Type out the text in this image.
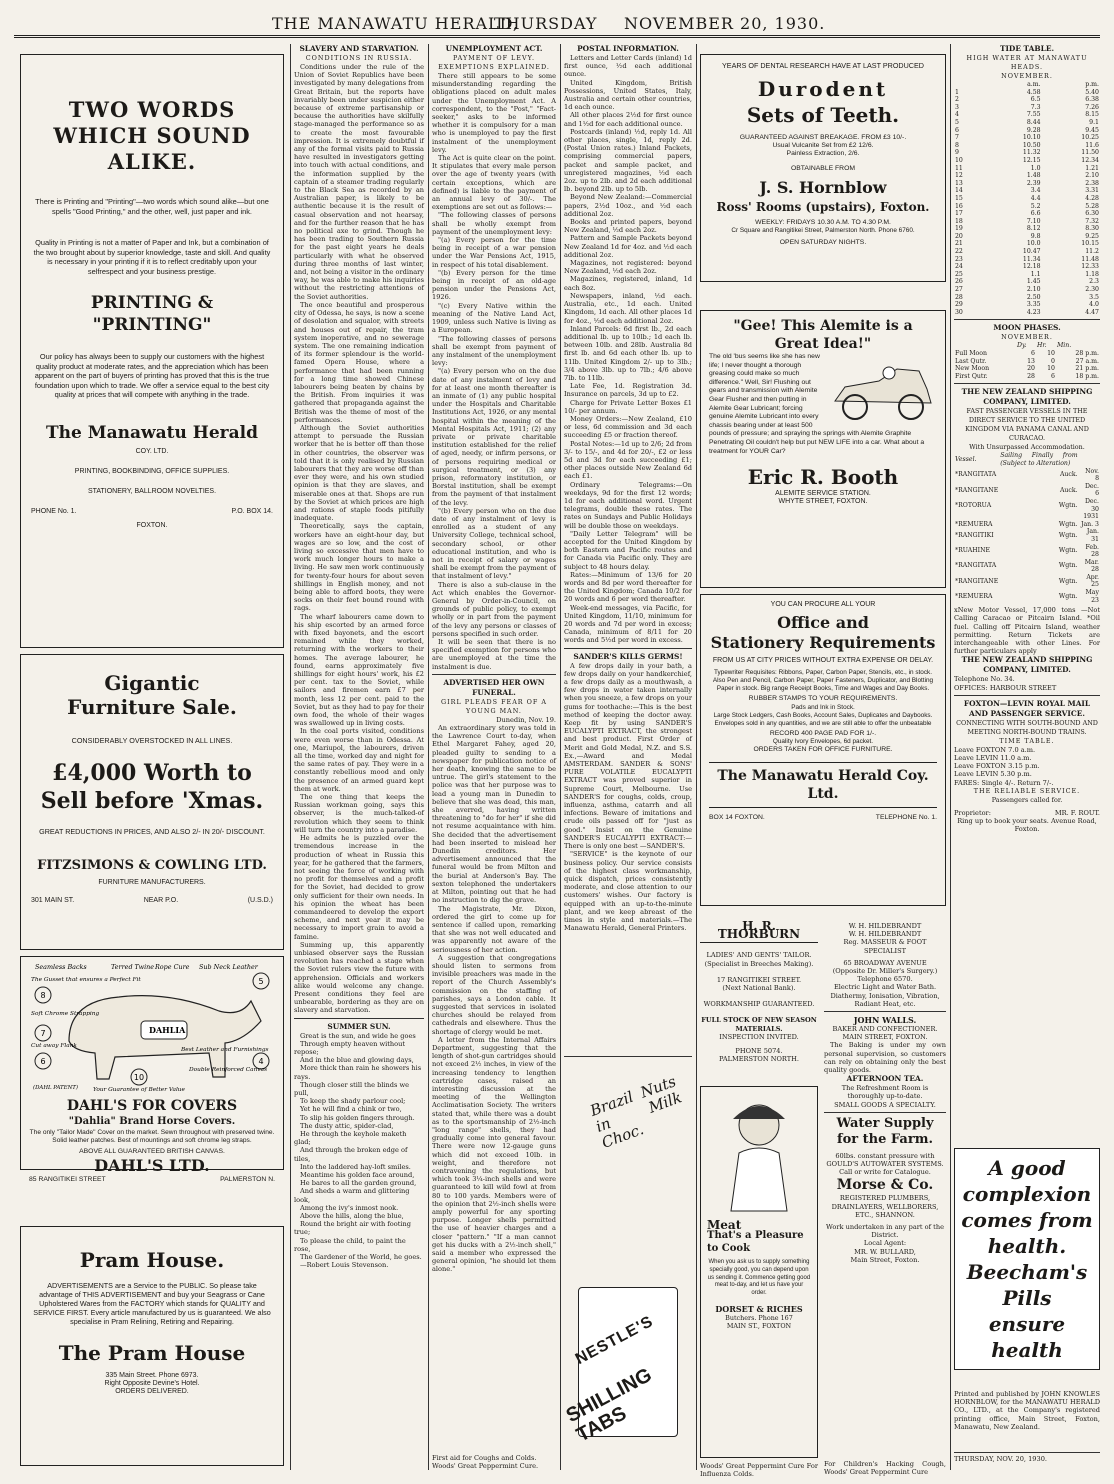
THE MANAWATU HERALD,
THURSDAY NOVEMBER 20, 1930.
TWO WORDS WHICH SOUND ALIKE.
There is Printing and "Printing"—two words which sound alike—but one spells "Good Printing," and the other, well, just paper and ink.
Quality in Printing is not a matter of Paper and Ink, but a combination of the two brought about by superior knowledge, taste and skill. And quality is necessary in your printing if it is to reflect creditably upon your selfrespect and your business prestige.
PRINTING & "PRINTING"
Our policy has always been to supply our customers with the highest quality product at moderate rates, and the appreciation which has been apparent on the part of buyers of printing has proved that this is the true foundation upon which to trade. We offer a service equal to the best city quality at prices that will compete with anything in the trade.
The Manawatu Herald
COY. LTD.
PRINTING, BOOKBINDING, OFFICE SUPPLIES.
STATIONERY, BALLROOM NOVELTIES.
PHONE No. 1.	P.O. BOX 14.
FOXTON.
Gigantic
Furniture Sale.
CONSIDERABLY OVERSTOCKED IN ALL LINES.
£4,000 Worth to Sell before 'Xmas.
GREAT REDUCTIONS IN PRICES, AND ALSO 2/- IN 20/- DISCOUNT.
FITZSIMONS & COWLING LTD.
FURNITURE MANUFACTURERS.
301 MAIN ST.	NEAR P.O.	(U.S.D.)
8
5
7
4
6
10
Seamless Backs	Terred Twine Rope Cure Sub Neck Leather
The Gusset that ensures a Perfect Fit
Soft Chrome Strapping
Cut away Flank
DAHLIA
Best Leather and Furnishings
Double Reinforced Canvas
Your Guarantee of Better Value
(DAHL PATENT)
DAHL'S FOR COVERS
"Dahlia" Brand Horse Covers.
The only "Tailor Made" Cover on the market. Sewn throughout with preserved twine. Solid leather patches. Best of mountings and soft chrome leg straps.
ABOVE ALL GUARANTEED BRITISH CANVAS.
DAHL'S LTD.
85 RANGITIKEI STREET	PALMERSTON N.
Pram House.
ADVERTISEMENTS are a Service to the PUBLIC. So please take advantage of THIS ADVERTISEMENT and buy your Seagrass or Cane Upholstered Wares from the FACTORY which stands for QUALITY and SERVICE FIRST. Every article manufactured by us is guaranteed. We also specialise in Pram Relining, Retiring and Repairing.
The Pram House
335 Main Street. Phone 6973.
Right Opposite Devine's Hotel.
ORDERS DELIVERED.
SLAVERY AND STARVATION.
CONDITIONS IN RUSSIA.
Conditions under the rule of the Union of Soviet Republics have been investigated by many delegations from Great Britain, but the reports have invariably been under suspicion either because of extreme partisanship or because the authorities have skilfully stage-managed the performance so as to create the most favourable impression. It is extremely doubtful if any of the formal visits paid to Russia have resulted in investigators getting into touch with actual conditions, and the information supplied by the captain of a steamer trading regularly to the Black Sea as recorded by an Australian paper, is likely to be authentic because it is the result of casual observation and not hearsay, and for the further reason that he has no political axe to grind. Though he has been trading to Southern Russia for the past eight years he deals particularly with what he observed during three months of last winter, and, not being a visitor in the ordinary way, he was able to make his inquiries without the restricting attentions of the Soviet authorities.
The once beautiful and prosperous city of Odessa, he says, is now a scene of desolation and squalor, with streets and houses out of repair, the tram system inoperative, and no sewerage system. The one remaining indication of its former splendour is the world-famed Opera House, where a performance that had been running for a long time showed Chinese labourers being beaten by chains by the British. From inquiries it was gathered that propaganda against the British was the theme of most of the performances.
Although the Soviet authorities attempt to persuade the Russian worker that he is better off than those in other countries, the observer was told that it is only realised by Russian labourers that they are worse off than ever they were, and his own studied opinion is that they are slaves, and miserable ones at that. Shops are run by the Soviet at which prices are high and rations of staple foods pitifully inadequate.
Theoretically, says the captain, workers have an eight-hour day, but wages are so low, and the cost of living so excessive that men have to work much longer hours to make a living. He saw men work continuously for twenty-four hours for about seven shillings in English money, and not being able to afford boots, they were socks on their feet bound round with rags.
The wharf labourers came down to his ship escorted by an armed force with fixed bayonets, and the escort remained while they worked, returning with the workers to their homes. The average labourer, he found, earns approximately five shillings for eight hours' work, his £2 per cent. tax to the Soviet, while sailors and firemen earn £7 per month, less 12 per cent. paid to the Soviet, but as they had to pay for their own food, the whole of their wages was swallowed up in living costs.
In the coal ports visited, conditions were even worse than in Odessa. At one, Mariupol, the labourers, driven all the time, worked day and night for the same rates of pay. They were in a constantly rebellious mood and only the presence of an armed guard kept them at work.
The one thing that keeps the Russian workman going, says this observer, is the much-talked-of revolution which they seem to think will turn the country into a paradise.
He admits he is puzzled over the tremendous increase in the production of wheat in Russia this year, for he gathered that the farmers, not seeing the force of working with no profit for themselves and a profit for the Soviet, had decided to grow only sufficient for their own needs. In his opinion the wheat has been commandeered to develop the export scheme, and next year it may be necessary to import grain to avoid a famine.
Summing up, this apparently unbiased observer says the Russian revolution has reached a stage when the Soviet rulers view the future with apprehension. Officials and workers alike would welcome any change. Present conditions they feel are unbearable, bordering as they are on slavery and starvation.
SUMMER SUN.
Great is the sun, and wide he goes
Through empty heaven without repose;
And in the blue and glowing days,
More thick than rain he showers his rays.
Though closer still the blinds we pull,
To keep the shady parlour cool;
Yet he will find a chink or two,
To slip his golden fingers through.
The dusty attic, spider-clad,
He through the keyhole maketh glad;
And through the broken edge of tiles,
Into the laddered hay-loft smiles.
Meantime his golden face around,
He bares to all the garden ground,
And sheds a warm and glittering look,
Among the ivy's inmost nook.
Above the hills, along the blue,
Round the bright air with footing true;
To please the child, to paint the rose,
The Gardener of the World, he goes.
—Robert Louis Stevenson.
UNEMPLOYMENT ACT.
PAYMENT OF LEVY.
EXEMPTIONS EXPLAINED.
There still appears to be some misunderstanding regarding the obligations placed on adult males under the Unemployment Act. A correspondent, to the "Post," "Fact-seeker," asks to be informed whether it is compulsory for a man who is unemployed to pay the first instalment of the unemployment levy.
The Act is quite clear on the point. It stipulates that every male person over the age of twenty years (with certain exceptions, which are defined) is liable to the payment of an annual levy of 30/-. The exemptions are set out as follows:—
"The following classes of persons shall be wholly exempt from payment of the unemployment levy:
"(a) Every person for the time being in receipt of a war pension under the War Pensions Act, 1915, in respect of his total disablement.
"(b) Every person for the time being in receipt of an old-age pension under the Pensions Act, 1926.
"(c) Every Native within the meaning of the Native Land Act, 1909, unless such Native is living as a European.
"The following classes of persons shall be exempt from payment of any instalment of the unemployment levy:
"(a) Every person who on the due date of any instalment of levy and for at least one month thereafter is an inmate of (1) any public hospital under the Hospitals and Charitable Institutions Act, 1926, or any mental hospital within the meaning of the Mental Hospitals Act, 1911; (2) any private or private charitable institution established for the relief of aged, needy, or infirm persons, or of persons requiring medical or surgical treatment, or (3) any prison, reformatory institution, or Borstal institution, shall be exempt from the payment of that instalment of the levy.
"(b) Every person who on the due date of any instalment of levy is enrolled as a student of any University College, technical school, secondary school, or other educational institution, and who is not in receipt of salary or wages shall be exempt from the payment of that instalment of levy."
There is also a sub-clause in the Act which enables the Governor-General by Order-in-Council, on grounds of public policy, to exempt wholly or in part from the payment of the levy any persons or classes of persons specified in such order.
It will be seen that there is no specified exemption for persons who are unemployed at the time the instalment is due.
ADVERTISED HER OWN FUNERAL.
GIRL PLEADS FEAR OF A YOUNG MAN.
Dunedin, Nov. 19.
An extraordinary story was told in the Lawrence Court to-day, when Ethel Margaret Fahey, aged 20, pleaded guilty to sending to a newspaper for publication notice of her death, knowing the same to be untrue. The girl's statement to the police was that her purpose was to lead a young man in Dunedin to believe that she was dead, this man, she averred, having written threatening to "do for her" if she did not resume acquaintance with him. She decided that the advertisement had been inserted to mislead her Dunedin creditors. Her advertisement announced that the funeral would be from Milton and the burial at Anderson's Bay. The sexton telephoned the undertakers at Milton, pointing out that he had no instruction to dig the grave.
The Magistrate, Mr. Dixon, ordered the girl to come up for sentence if called upon, remarking that she was not well educated and was apparently not aware of the seriousness of her action.
A suggestion that congregations should listen to sermons from invisible preachers was made in the report of the Church Assembly's commission on the staffing of parishes, says a London cable. It suggested that services in isolated churches should be relayed from cathedrals and elsewhere. Thus the shortage of clergy would be met.
A letter from the Internal Affairs Department, suggesting that the length of shot-gun cartridges should not exceed 2½ inches, in view of the increasing tendency to lengthen cartridge cases, raised an interesting discussion at the meeting of the Wellington Acclimatisation Society. The writers stated that, while there was a doubt as to the sportsmanship of 2½-inch "long range" shells, they had gradually come into general favour. There were now 12-gauge guns which did not exceed 10lb. in weight, and therefore not contravening the regulations, but which took 3¼-inch shells and were guaranteed to kill wild fowl at from 80 to 100 yards. Members were of the opinion that 2½-inch shells were amply powerful for any sporting purpose. Longer shells permitted the use of heavier charges and a closer "pattern." "If a man cannot get his ducks with a 2½-inch shell," said a member who expressed the general opinion, "he should let them alone."
First aid for Coughs and Colds.
Woods' Great Peppermint Cure.
POSTAL INFORMATION.
Letters and Letter Cards (inland) 1d first ounce, ½d each additional ounce.
United Kingdom, British Possessions, United States, Italy, Australia and certain other countries, 1d each ounce.
All other places 2½d for first ounce and 1½d for each additional ounce.
Postcards (inland) ½d, reply 1d. All other places, single, 1d, reply 2d. (Postal Union rates.) Inland Packets, comprising commercial papers, packet and sample packet, and unregistered magazines, ½d each 2oz. up to 2lb. and 2d each additional lb. beyond 2lb. up to 5lb.
Beyond New Zealand:—Commercial papers, 2½d 10oz., and ½d each additional 2oz.
Books and printed papers, beyond New Zealand, ½d each 2oz.
Pattern and Sample Packets beyond New Zealand 1d for 4oz. and ½d each additional 2oz.
Magazines, not registered: beyond New Zealand, ½d each 2oz.
Magazines, registered, inland, 1d each 8oz.
Newspapers, inland, ½d each. Australia, etc., 1d each. United Kingdom, 1d each. All other places 1d for 4oz., ½d each additional 2oz.
Inland Parcels: 6d first lb., 2d each additional lb. up to 10lb.; 1d each lb. between 10lb. and 28lb. Australia 8d first lb. and 6d each other lb. up to 11lb. United Kingdom 2/- up to 3lb.; 3/4 above 3lb. up to 7lb.; 4/6 above 7lb. to 11lb.
Late Fee, 1d. Registration 3d. Insurance on parcels, 3d up to £2.
Charge for Private Letter Boxes £1 10/- per annum.
Money Orders:—New Zealand, £10 or less, 6d commission and 3d each succeeding £5 or fraction thereof.
Postal Notes:—1d up to 2/6; 2d from 3/- to 15/-, and 4d for 20/-, £2 or less 5d and 3d for each succeeding £1; other places outside New Zealand 6d each £1.
Ordinary Telegrams:—On weekdays, 9d for the first 12 words; 1d for each additional word. Urgent telegrams, double these rates. The rates on Sundays and Public Holidays will be double those on weekdays.
"Daily Letter Telegram" will be accepted for the United Kingdom by both Eastern and Pacific routes and for Canada via Pacific only. They are subject to 48 hours delay.
Rates:—Minimum of 13/6 for 20 words and 8d per word thereafter for the United Kingdom; Canada 10/2 for 20 words and 6 per word thereafter.
Week-end messages, via Pacific, for United Kingdom, 11/10, minimum for 20 words and 7d per word in excess; Canada, minimum of 8/11 for 20 words and 5½d per word in excess.
SANDER'S KILLS GERMS!
A few drops daily in your bath, a few drops daily on your handkerchief, a few drops daily as a mouthwash, a few drops in water taken internally when you sneeze, a few drops on your gums for toothache:—This is the best method of keeping the doctor away. Keep fit by using SANDER'S EUCALYPTI EXTRACT, the strongest and best product. First Order of Merit and Gold Medal, N.Z. and S.S. Ex.,—Award and Medal AMSTERDAM. SANDER & SONS' PURE VOLATILE EUCALYPTI EXTRACT was proved superior in Supreme Court, Melbourne. Use SANDER'S for coughs, colds, croup, influenza, asthma, catarrh and all infections. Beware of imitations and crude oils passed off for "just as good." Insist on the Genuine SANDER'S EUCALYPTI EXTRACT:—There is only one best —SANDER'S.
"SERVICE" is the keynote of our business policy. Our service consists of the highest class workmanship, quick dispatch, prices consistently moderate, and close attention to our customers' wishes. Our factory is equipped with an up-to-the-minute plant, and we keep abreast of the times in style and materials.—The Manawatu Herald, General Printers.
Brazil Nuts in Milk Choc.
NESTLE'S
SHILLING TABS
YEARS OF DENTAL RESEARCH HAVE AT LAST PRODUCED
Durodent
Sets of Teeth.
GUARANTEED AGAINST BREAKAGE. FROM £3 10/-.
Usual Vulcanite Set from £2 12/6.
Painless Extraction, 2/6.
OBTAINABLE FROM
J. S. Hornblow
Ross' Rooms (upstairs), Foxton.
WEEKLY: FRIDAYS 10.30 A.M. TO 4.30 P.M.
Cr Square and Rangitikei Street, Palmerston North. Phone 6760.
OPEN SATURDAY NIGHTS.
"Gee! This Alemite is a Great Idea!"
The old 'bus seems like she has new life; I never thought a thorough greasing could make so much difference." Well, Sir! Flushing out gears and transmission with Alemite Gear Flusher and then putting in Alemite Gear Lubricant; forcing genuine Alemite Lubricant into every chassis bearing under at least 500 pounds of pressure; and spraying the springs with Alemite Graphite Penetrating Oil couldn't help but put NEW LIFE into a car. What about a treatment for YOUR Car?
Eric R. Booth
ALEMITE SERVICE STATION.
WHYTE STREET, FOXTON.
YOU CAN PROCURE ALL YOUR
Office and
Stationery Requirements
FROM US AT CITY PRICES WITHOUT EXTRA EXPENSE OR DELAY.
Typewriter Requisites: Ribbons, Paper, Carbon Paper, Stencils, etc., in stock. Also Pen and Pencil, Carbon Paper, Paper Fasteners, Duplicator, and Blotting Paper in stock. Big range Receipt Books, Time and Wages and Day Books.
RUBBER STAMPS TO YOUR REQUIREMENTS.
Pads and Ink in Stock.
Large Stock Ledgers, Cash Books, Account Sales, Duplicates and Daybooks. Envelopes sold in any quantities, and we are still able to offer the unbeatable
RECORD 400 PAGE PAD FOR 1/-.
Quality Ivory Envelopes, 6d packet.
ORDERS TAKEN FOR OFFICE FURNITURE.
The Manawatu Herald Coy. Ltd.
BOX 14 FOXTON.	TELEPHONE No. 1.
H. R. THORBURN
LADIES' AND GENTS' TAILOR.
(Specialist in Breeches Making).
17 RANGITIKEI STREET.
(Next National Bank).
WORKMANSHIP GUARANTEED.
FULL STOCK OF NEW SEASON MATERIALS.
INSPECTION INVITED.
PHONE 5074.
PALMERSTON NORTH.
Meat
That's a Pleasure to Cook
When you ask us to supply something specially good, you can depend upon us sending it. Commence getting good meat to-day, and let us have your order.
DORSET & RICHES
Butchers. Phone 167
MAIN ST., FOXTON
Woods' Great Peppermint Cure For Influenza Colds.
W. H. HILDEBRANDT
W. H. HILDEBRANDT
Reg. MASSEUR & FOOT SPECIALIST
65 BROADWAY AVENUE
(Opposite Dr. Miller's Surgery.)
Telephone 6570.
Electric Light and Water Bath. Diathermy, Ionisation, Vibration, Radiant Heat, etc.
JOHN WALLS.
BAKER AND CONFECTIONER.
MAIN STREET, FOXTON.
The Baking is under my own personal supervision, so customers can rely on obtaining only the best quality goods.
AFTERNOON TEA.
The Refreshment Room is thoroughly up-to-date.
SMALL GOODS A SPECIALTY.
Water Supply
for the Farm.
60lbs. constant pressure with
GOULD'S AUTOWATER SYSTEMS.
Call or write for Catalogue.
Morse & Co.
REGISTERED PLUMBERS, DRAINLAYERS, WELLBORERS, ETC., SHANNON.
Work undertaken in any part of the District.
Local Agent:
MR. W. BULLARD,
Main Street, Foxton.
For Children's Hacking Cough, Woods' Great Peppermint Cure
TIDE TABLE.
HIGH WATER AT MANAWATU HEADS.
NOVEMBER.
	a.m.	p.m.
1	4.58	5.40
2	6.5	6.38
3	7.3	7.26
4	7.55	8.15
5	8.44	9.1
6	9.28	9.45
7	10.10	10.25
8	10.50	11.6
9	11.32	11.50
10	12.15	12.34
11	1.0	1.21
12	1.48	2.10
13	2.39	2.38
14	3.4	3.31
15	4.4	4.28
16	5.2	5.28
17	6.6	6.30
18	7.10	7.32
19	8.12	8.30
20	9.8	9.25
21	10.0	10.15
22	10.47	11.2
23	11.34	11.48
24	12.18	12.33
25	1.1	1.18
26	1.45	2.3
27	2.10	2.30
28	2.50	3.5
29	3.35	4.0
30	4.23	4.47
MOON PHASES.
NOVEMBER.
	Dy.	Hr.	Min.
Full Moon	6	10	28 p.m.
Last Qutr.	13	0	27 a.m.
New Moon	20	10	21 p.m.
First Qutr.	28	6	18 p.m.
THE NEW ZEALAND SHIPPING COMPANY, LIMITED.
FAST PASSENGER VESSELS IN THE DIRECT SERVICE TO THE UNITED KINGDOM VIA PANAMA CANAL AND CURACAO.
With Unsurpassed Accommodation.
Vessel.	Sailing Finally from (Subject to Alteration)	
*RANGITATA	Auck.	Nov. 8
*RANGITANE	Auck.	Dec. 6
*ROTORUA	Wgtn.	Dec. 30
		1931
*REMUERA	Wgtn.	Jan. 3
*RANGITIKI	Wgtn.	Jan. 31
*RUAHINE	Wgtn.	Feb. 28
*RANGITATA	Wgtn.	Mar. 28
*RANGITANE	Wgtn.	Apr. 25
*REMUERA	Wgtn.	May 23
xNew Motor Vessel, 17,000 tons —Not Calling Caracao or Pitcairn Island. *Oil fuel. Calling off Pitcairn Island, weather permitting. Return Tickets are interchangeable with other Lines. For further particulars apply
THE NEW ZEALAND SHIPPING COMPANY, LIMITED.
Telephone No. 34.
OFFICES: HARBOUR STREET
FOXTON—LEVIN ROYAL MAIL AND PASSENGER SERVICE.
CONNECTING WITH SOUTH-BOUND AND MEETING NORTH-BOUND TRAINS.
TIME TABLE.
Leave FOXTON 7.0 a.m.
Leave LEVIN 11.0 a.m.
Leave FOXTON 3.15 p.m.
Leave LEVIN 5.30 p.m.
FARES: Single 4/-. Return 7/-.
THE RELIABLE SERVICE.
Passengers called for.
Proprietor:	MR. F. ROUT.
Ring up to book your seats. Avenue Road, Foxton.
A good
complexion
comes from
health.
Beecham's
Pills
ensure
health
Printed and published by JOHN KNOWLES HORNBLOW, for the MANAWATU HERALD CO., LTD., at the Company's registered printing office, Main Street, Foxton, Manawatu, New Zealand.
THURSDAY, NOV. 20, 1930.
